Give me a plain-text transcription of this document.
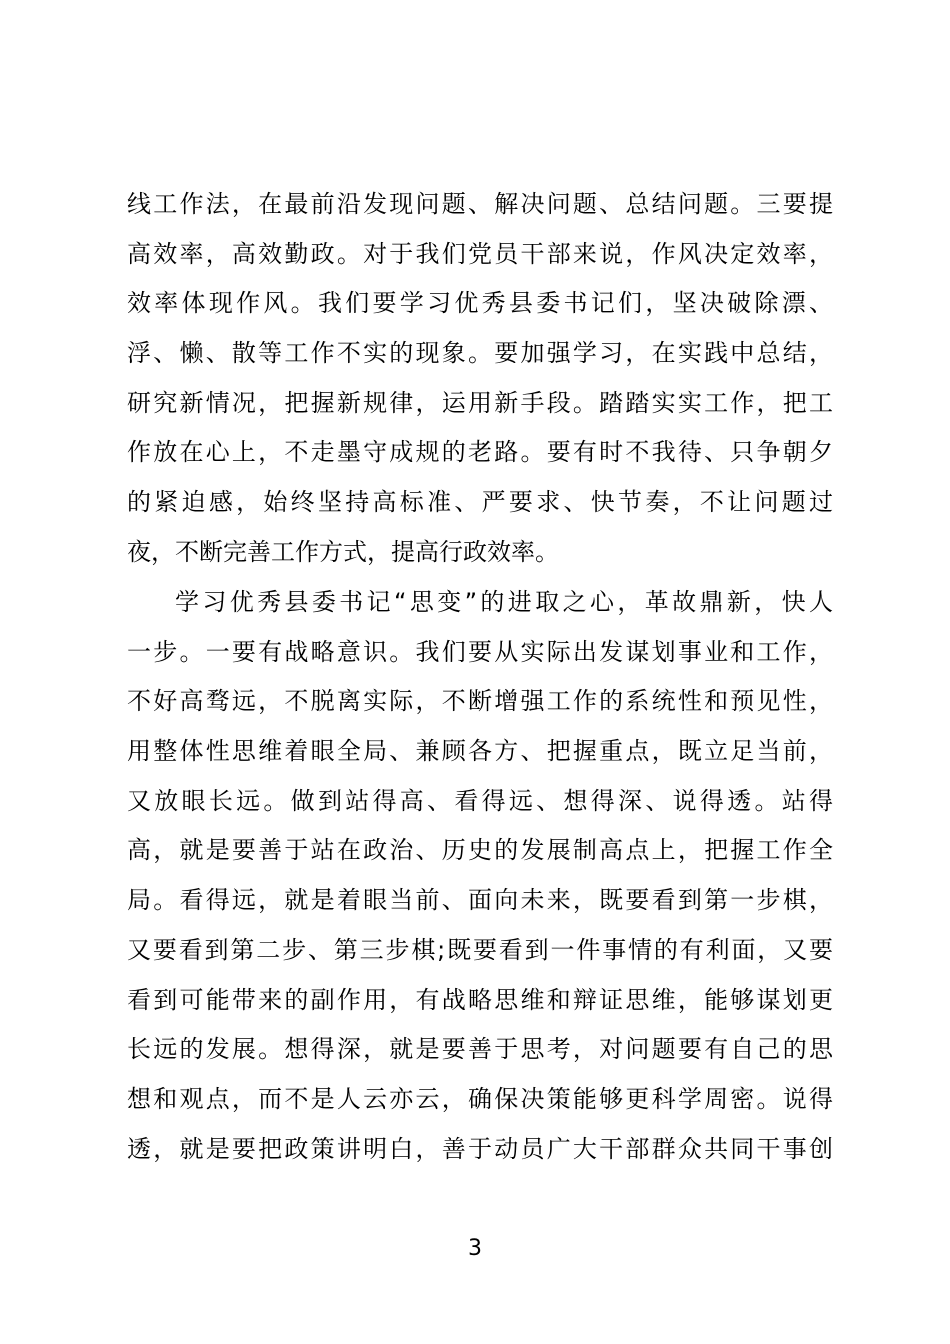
线工作法，在最前沿发现问题、解决问题、总结问题。三要提
高效率，高效勤政。对于我们党员干部来说，作风决定效率，
效率体现作风。我们要学习优秀县委书记们，坚决破除漂、
浮、懒、散等工作不实的现象。要加强学习，在实践中总结，
研究新情况，把握新规律，运用新手段。踏踏实实工作，把工
作放在心上，不走墨守成规的老路。要有时不我待、只争朝夕
的紧迫感，始终坚持高标准、严要求、快节奏，不让问题过
夜，不断完善工作方式，提高行政效率。
学习优秀县委书记“思变”的进取之心，革故鼎新，快人
一步。一要有战略意识。我们要从实际出发谋划事业和工作，
不好高骛远，不脱离实际，不断增强工作的系统性和预见性，
用整体性思维着眼全局、兼顾各方、把握重点，既立足当前，
又放眼长远。做到站得高、看得远、想得深、说得透。站得
高，就是要善于站在政治、历史的发展制高点上，把握工作全
局。看得远，就是着眼当前、面向未来，既要看到第一步棋，
又要看到第二步、第三步棋;既要看到一件事情的有利面，又要
看到可能带来的副作用，有战略思维和辩证思维，能够谋划更
长远的发展。想得深，就是要善于思考，对问题要有自己的思
想和观点，而不是人云亦云，确保决策能够更科学周密。说得
透，就是要把政策讲明白，善于动员广大干部群众共同干事创
3
